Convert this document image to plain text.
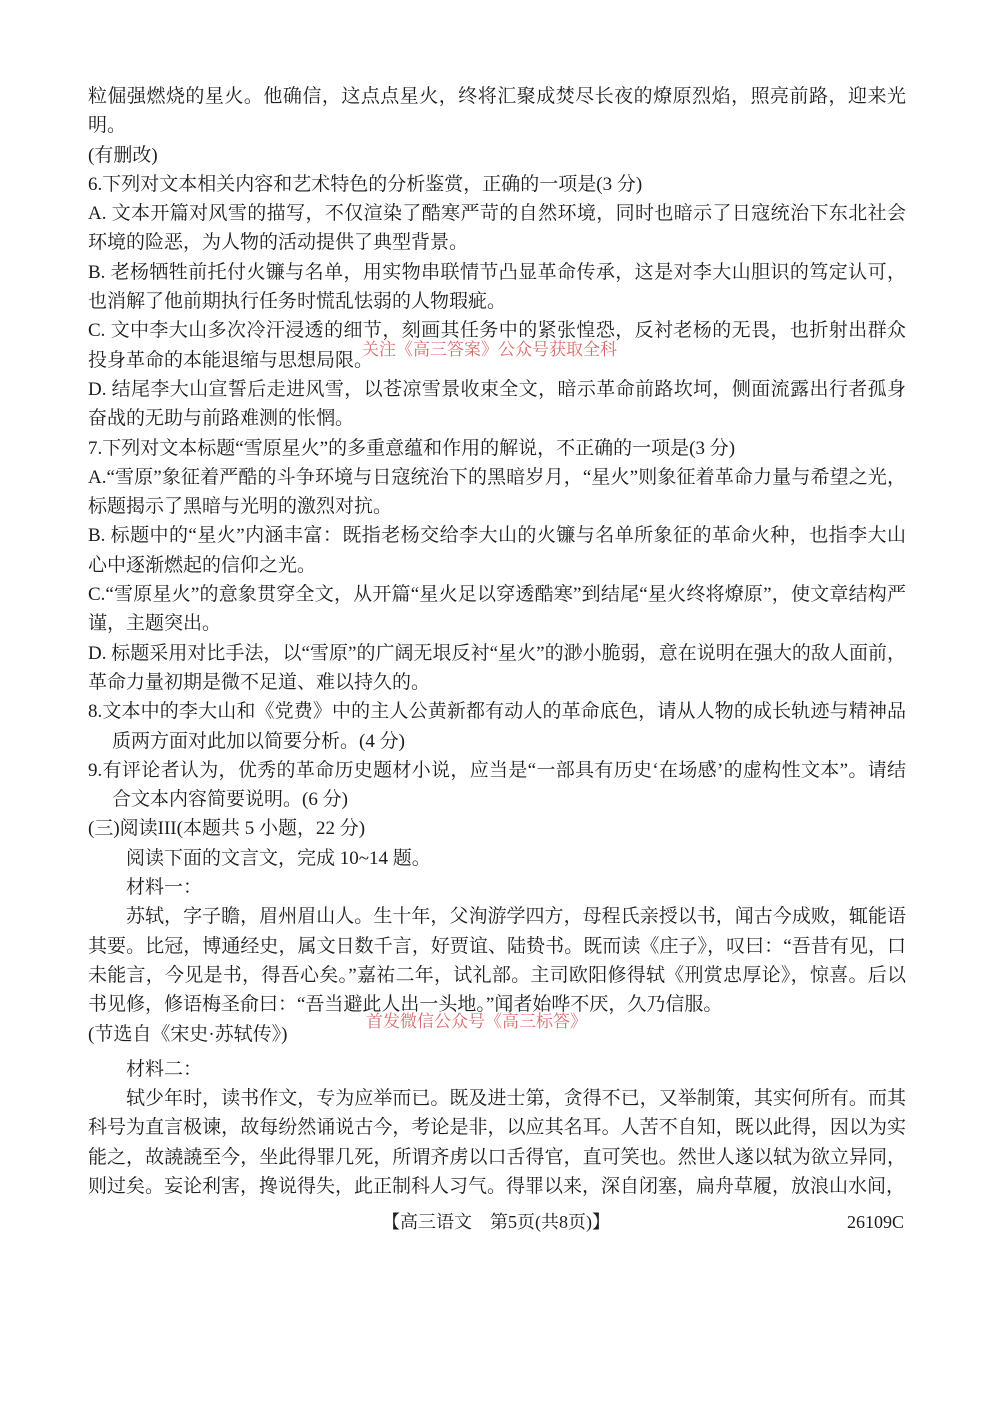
粒倔强燃烧的星火。他确信，这点点星火，终将汇聚成焚尽长夜的燎原烈焰，照亮前路，迎来光明。

(有删改)

6.下列对文本相关内容和艺术特色的分析鉴赏，正确的一项是(3 分)

A. 文本开篇对风雪的描写，不仅渲染了酷寒严苛的自然环境，同时也暗示了日寇统治下东北社会环境的险恶，为人物的活动提供了典型背景。

B. 老杨牺牲前托付火镰与名单，用实物串联情节凸显革命传承，这是对李大山胆识的笃定认可，也消解了他前期执行任务时慌乱怯弱的人物瑕疵。

C. 文中李大山多次冷汗浸透的细节，刻画其任务中的紧张惶恐，反衬老杨的无畏，也折射出群众投身革命的本能退缩与思想局限。

D. 结尾李大山宣誓后走进风雪，以苍凉雪景收束全文，暗示革命前路坎坷，侧面流露出行者孤身奋战的无助与前路难测的怅惘。

7.下列对文本标题“雪原星火”的多重意蕴和作用的解说，不正确的一项是(3 分)

A.“雪原”象征着严酷的斗争环境与日寇统治下的黑暗岁月，“星火”则象征着革命力量与希望之光，标题揭示了黑暗与光明的激烈对抗。

B. 标题中的“星火”内涵丰富：既指老杨交给李大山的火镰与名单所象征的革命火种，也指李大山心中逐渐燃起的信仰之光。

C.“雪原星火”的意象贯穿全文，从开篇“星火足以穿透酷寒”到结尾“星火终将燎原”，使文章结构严谨，主题突出。

D. 标题采用对比手法，以“雪原”的广阔无垠反衬“星火”的渺小脆弱，意在说明在强大的敌人面前，革命力量初期是微不足道、难以持久的。

8.文本中的李大山和《党费》中的主人公黄新都有动人的革命底色，请从人物的成长轨迹与精神品质两方面对此加以简要分析。(4 分)

9.有评论者认为，优秀的革命历史题材小说，应当是“一部具有历史‘在场感’的虚构性文本”。请结合文本内容简要说明。(6 分)

(三)阅读III(本题共 5 小题，22 分)

阅读下面的文言文，完成 10~14 题。

材料一：

苏轼，字子瞻，眉州眉山人。生十年，父洵游学四方，母程氏亲授以书，闻古今成败，辄能语其要。比冠，博通经史，属文日数千言，好贾谊、陆贽书。既而读《庄子》，叹曰：“吾昔有见，口未能言，今见是书，得吾心矣。”嘉祐二年，试礼部。主司欧阳修得轼《刑赏忠厚论》，惊喜。后以书见修，修语梅圣俞曰：“吾当避此人出一头地。”闻者始哗不厌，久乃信服。

(节选自《宋史·苏轼传》)

材料二：

轼少年时，读书作文，专为应举而已。既及进士第，贪得不已，又举制策，其实何所有。而其科号为直言极谏，故每纷然诵说古今，考论是非，以应其名耳。人苦不自知，既以此得，因以为实能之，故譊譊至今，坐此得罪几死，所谓齐虏以口舌得官，直可笑也。然世人遂以轼为欲立异同，则过矣。妄论利害，搀说得失，此正制科人习气。得罪以来，深自闭塞，扁舟草履，放浪山水间，

关注《高三答案》公众号获取全科
首发微信公众号《高三标答》
【高三语文　第5页(共8页)】	26109C
